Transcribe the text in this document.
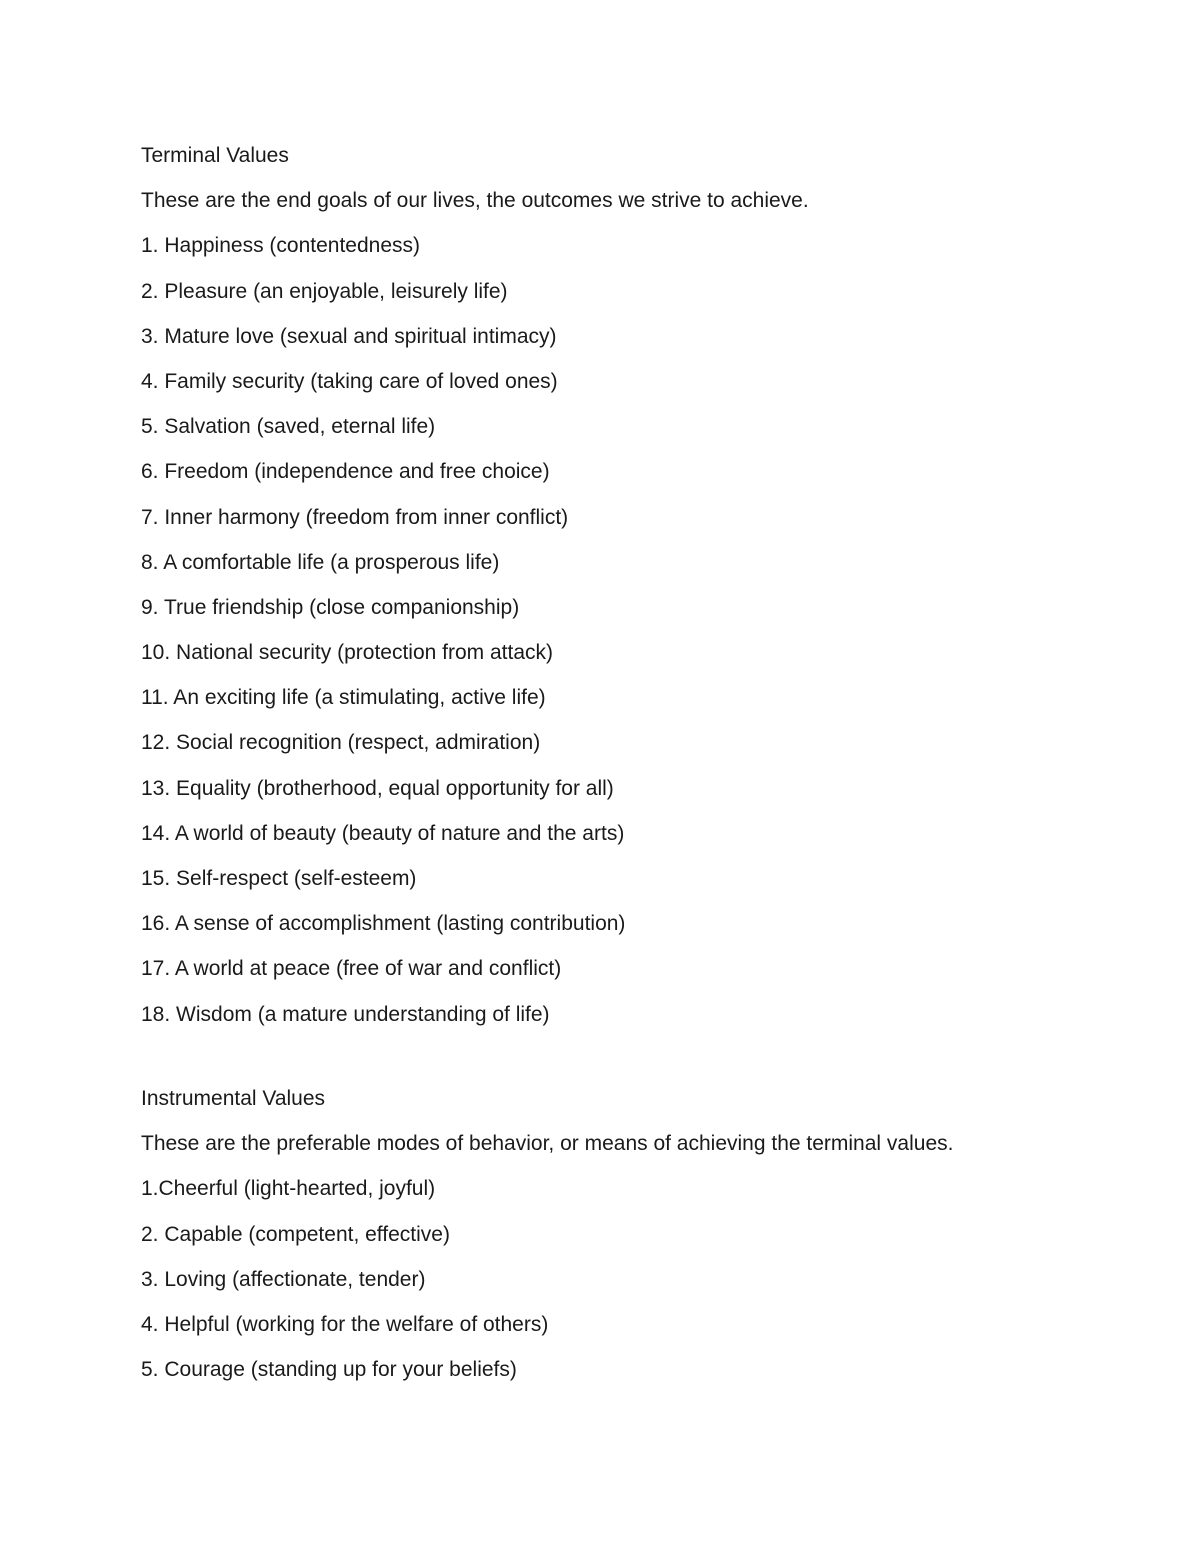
Terminal Values
These are the end goals of our lives, the outcomes we strive to achieve.
1. Happiness (contentedness)
2. Pleasure (an enjoyable, leisurely life)
3. Mature love (sexual and spiritual intimacy)
4. Family security (taking care of loved ones)
5. Salvation (saved, eternal life)
6. Freedom (independence and free choice)
7. Inner harmony (freedom from inner conflict)
8. A comfortable life (a prosperous life)
9. True friendship (close companionship)
10. National security (protection from attack)
11. An exciting life (a stimulating, active life)
12. Social recognition (respect, admiration)
13. Equality (brotherhood, equal opportunity for all)
14. A world of beauty (beauty of nature and the arts)
15. Self-respect (self-esteem)
16. A sense of accomplishment (lasting contribution)
17. A world at peace (free of war and conflict)
18. Wisdom (a mature understanding of life)
Instrumental Values
These are the preferable modes of behavior, or means of achieving the terminal values.
1.Cheerful (light-hearted, joyful)
2. Capable (competent, effective)
3. Loving (affectionate, tender)
4. Helpful (working for the welfare of others)
5. Courage (standing up for your beliefs)
